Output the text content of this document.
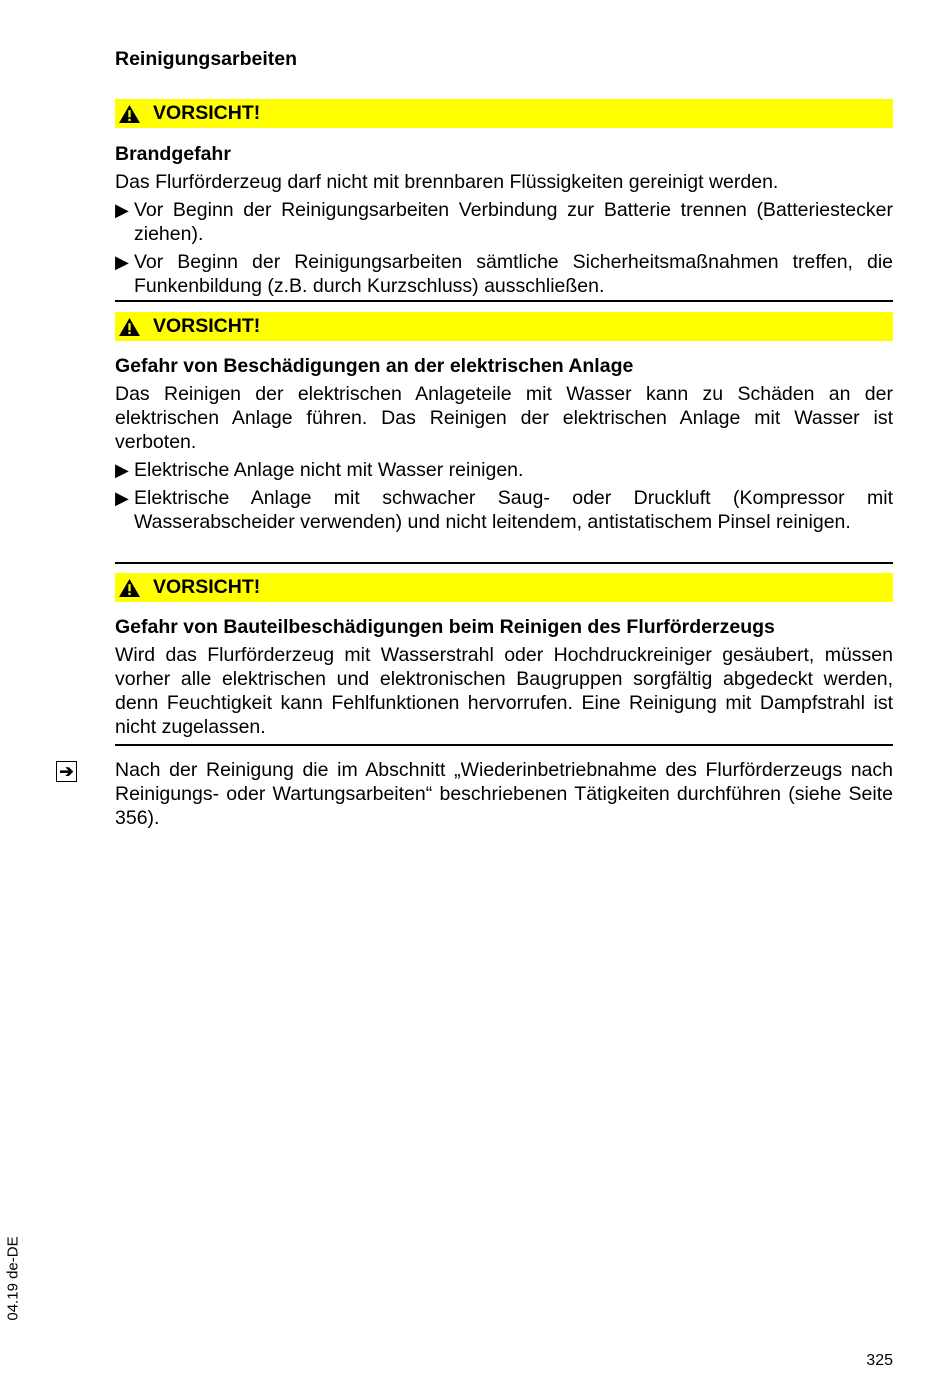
Reinigungsarbeiten
VORSICHT!

Brandgefahr

Das Flurförderzeug darf nicht mit brennbaren Flüssigkeiten gereinigt werden.

▶ Vor Beginn der Reinigungsarbeiten Verbindung zur Batterie trennen (Batteriestecker ziehen).
▶ Vor Beginn der Reinigungsarbeiten sämtliche Sicherheitsmaßnahmen treffen, die Funkenbildung (z.B. durch Kurzschluss) ausschließen.
VORSICHT!

Gefahr von Beschädigungen an der elektrischen Anlage

Das Reinigen der elektrischen Anlageteile mit Wasser kann zu Schäden an der elektrischen Anlage führen. Das Reinigen der elektrischen Anlage mit Wasser ist verboten.

▶ Elektrische Anlage nicht mit Wasser reinigen.
▶ Elektrische Anlage mit schwacher Saug- oder Druckluft (Kompressor mit Wasserabscheider verwenden) und nicht leitendem, antistatischem Pinsel reinigen.
VORSICHT!

Gefahr von Bauteilbeschädigungen beim Reinigen des Flurförderzeugs

Wird das Flurförderzeug mit Wasserstrahl oder Hochdruckreiniger gesäubert, müssen vorher alle elektrischen und elektronischen Baugruppen sorgfältig abgedeckt werden, denn Feuchtigkeit kann Fehlfunktionen hervorrufen. Eine Reinigung mit Dampfstrahl ist nicht zugelassen.

Nach der Reinigung die im Abschnitt „Wiederinbetriebnahme des Flurförderzeugs nach Reinigungs- oder Wartungsarbeiten“ beschriebenen Tätigkeiten durchführen (siehe Seite 356).

➔
04.19 de-DE
325
